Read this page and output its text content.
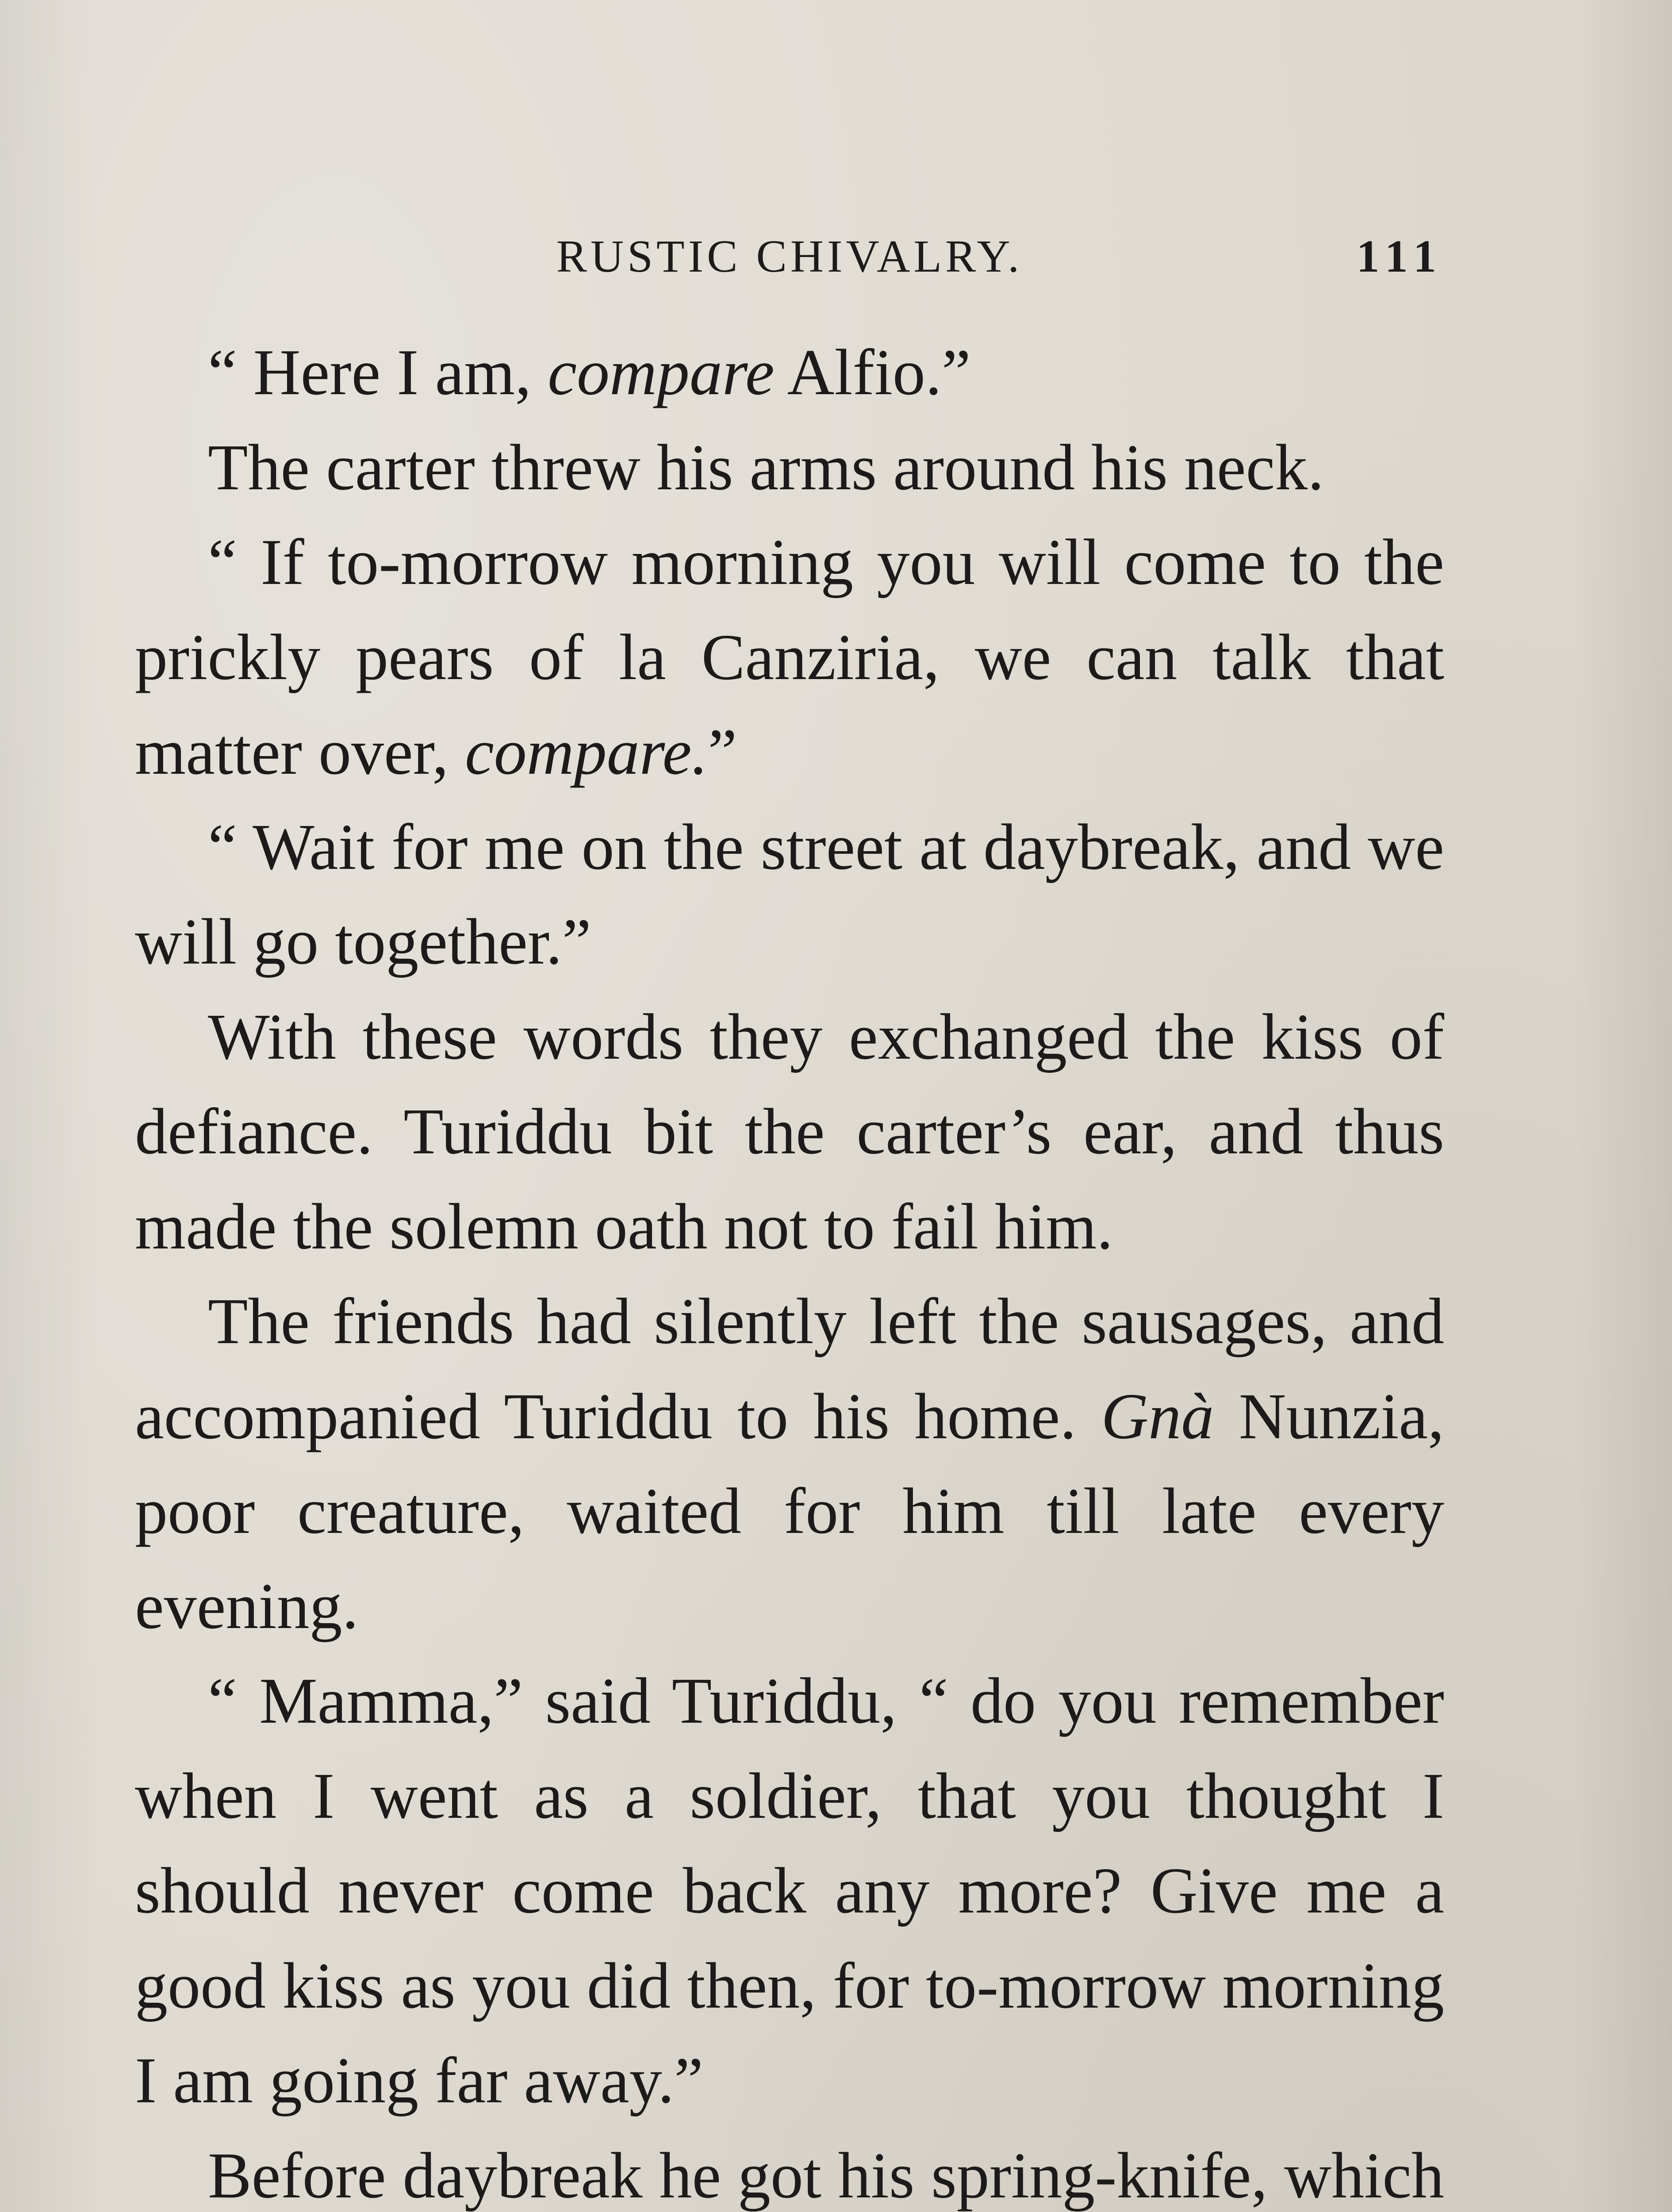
RUSTIC CHIVALRY.	111

“ Here I am, compare Alfio.”

The carter threw his arms around his neck.

“ If to-morrow morning you will come to the prickly pears of la Canziria, we can talk that matter over, compare.”

“ Wait for me on the street at daybreak, and we will go together.”

With these words they exchanged the kiss of defiance. Turiddu bit the carter’s ear, and thus made the solemn oath not to fail him.

The friends had silently left the sausages, and accompanied Turiddu to his home. Gnà Nunzia, poor creature, waited for him till late every evening.

“ Mamma,” said Turiddu, “ do you remember when I went as a soldier, that you thought I should never come back any more? Give me a good kiss as you did then, for to-morrow morning I am going far away.”

Before daybreak he got his spring-knife, which
